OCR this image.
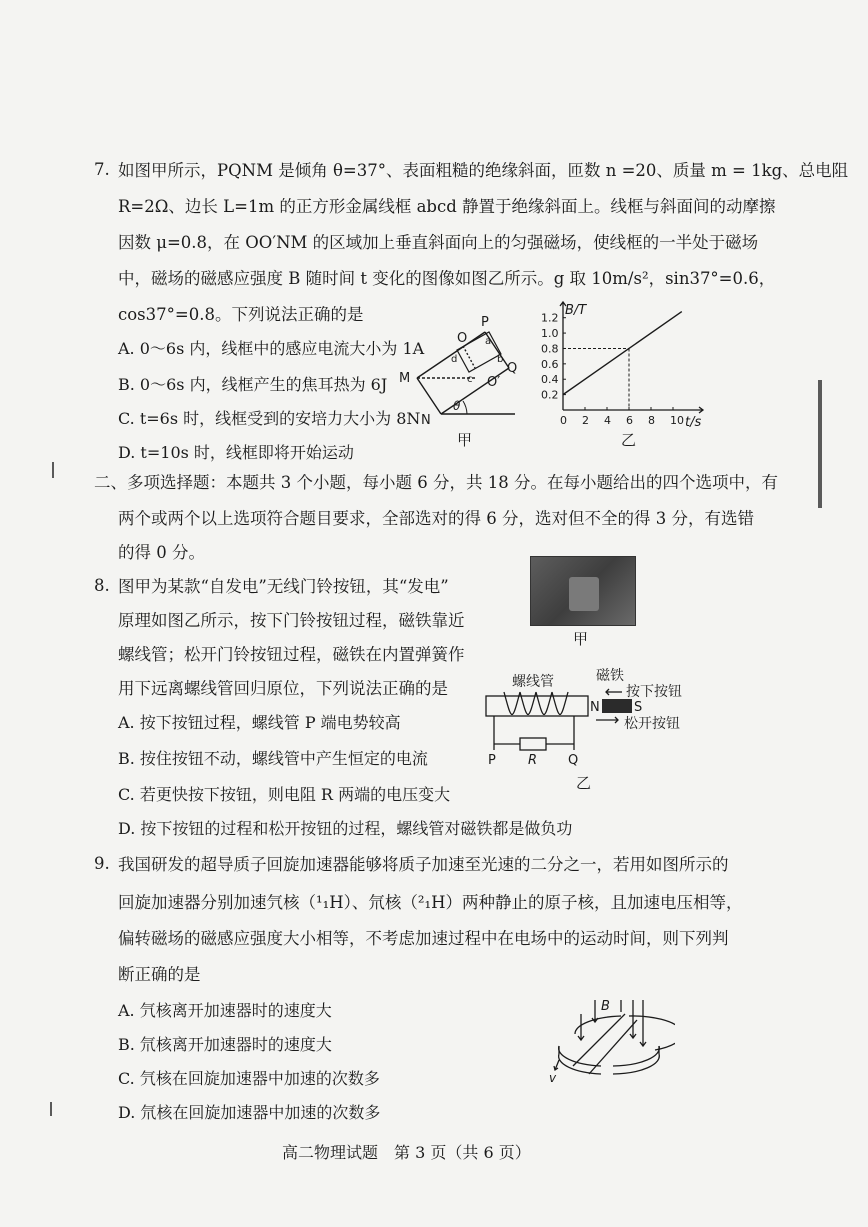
7. 如图甲所示，PQNM 是倾角 θ=37°、表面粗糙的绝缘斜面，匝数 n =20、质量 m = 1kg、总电阻
R=2Ω、边长 L=1m 的正方形金属线框 abcd 静置于绝缘斜面上。线框与斜面间的动摩擦
因数 μ=0.8，在 OO′NM 的区域加上垂直斜面向上的匀强磁场，使线框的一半处于磁场
中，磁场的磁感应强度 B 随时间 t 变化的图像如图乙所示。g 取 10m/s²，sin37°=0.6，
cos37°=0.8。下列说法正确的是
A. 0～6s 内，线框中的感应电流大小为 1A
B. 0～6s 内，线框产生的焦耳热为 6J
C. t=6s 时，线框受到的安培力大小为 8N
D. t=10s 时，线框即将开始运动
O
P
a
b
d
c
Q
O′
M
N
θ
甲
0 2 4 6 8 10
0.2
0.4
0.6
0.8
1.0
1.2
B/T
t/s
乙
二、多项选择题：本题共 3 个小题，每小题 6 分，共 18 分。在每小题给出的四个选项中，有
两个或两个以上选项符合题目要求，全部选对的得 6 分，选对但不全的得 3 分，有选错
的得 0 分。
8. 图甲为某款“自发电”无线门铃按钮，其“发电”
原理如图乙所示，按下门铃按钮过程，磁铁靠近
螺线管；松开门铃按钮过程，磁铁在内置弹簧作
用下远离螺线管回归原位，下列说法正确的是
A. 按下按钮过程，螺线管 P 端电势较高
B. 按住按钮不动，螺线管中产生恒定的电流
C. 若更快按下按钮，则电阻 R 两端的电压变大
D. 按下按钮的过程和松开按钮的过程，螺线管对磁铁都是做负功
甲
螺线管	磁铁
按下按钮
松开按钮
N	S
P	Q
R
乙
9. 我国研发的超导质子回旋加速器能够将质子加速至光速的二分之一，若用如图所示的
回旋加速器分别加速氕核（¹₁H）、氘核（²₁H）两种静止的原子核，且加速电压相等，
偏转磁场的磁感应强度大小相等，不考虑加速过程中在电场中的运动时间，则下列判
断正确的是
A. 氕核离开加速器时的速度大
B. 氘核离开加速器时的速度大
C. 氕核在回旋加速器中加速的次数多
D. 氘核在回旋加速器中加速的次数多
B
v
高二物理试题　第 3 页（共 6 页）
